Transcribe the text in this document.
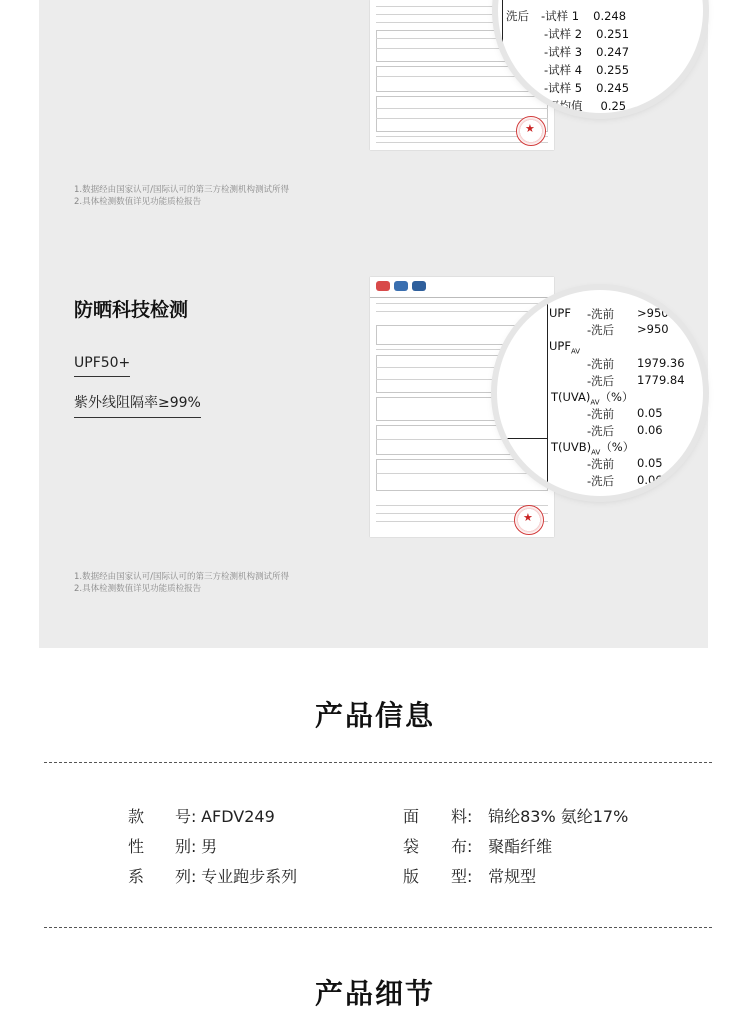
★
洗后 -试样 1 0.248
-试样 2 0.251
-试样 3 0.247
-试样 4 0.255
-试样 5 0.245
平均值 0.25
1.数据经由国家认可/国际认可的第三方检测机构测试所得
2.具体检测数值详见功能质检报告
防晒科技检测
UPF50+
紫外线阻隔率≥99%
★
UPF -洗前 >950
-洗后 >950
$UPF_{AV}$
-洗前 1979.36
-洗后 1779.84
$T(UVA)_{AV}(\%)$
-洗前 0.05
-洗后 0.06
$T(UVB)_{AV}(\%)$
-洗前 0.05
-洗后 0.06
1.数据经由国家认可/国际认可的第三方检测机构测试所得
2.具体检测数值详见功能质检报告
产品信息
款 号: AFDV249	面 料: 锦纶83% 氨纶17%
性 别: 男	袋 布: 聚酯纤维
系 列: 专业跑步系列	版 型: 常规型
产品细节
